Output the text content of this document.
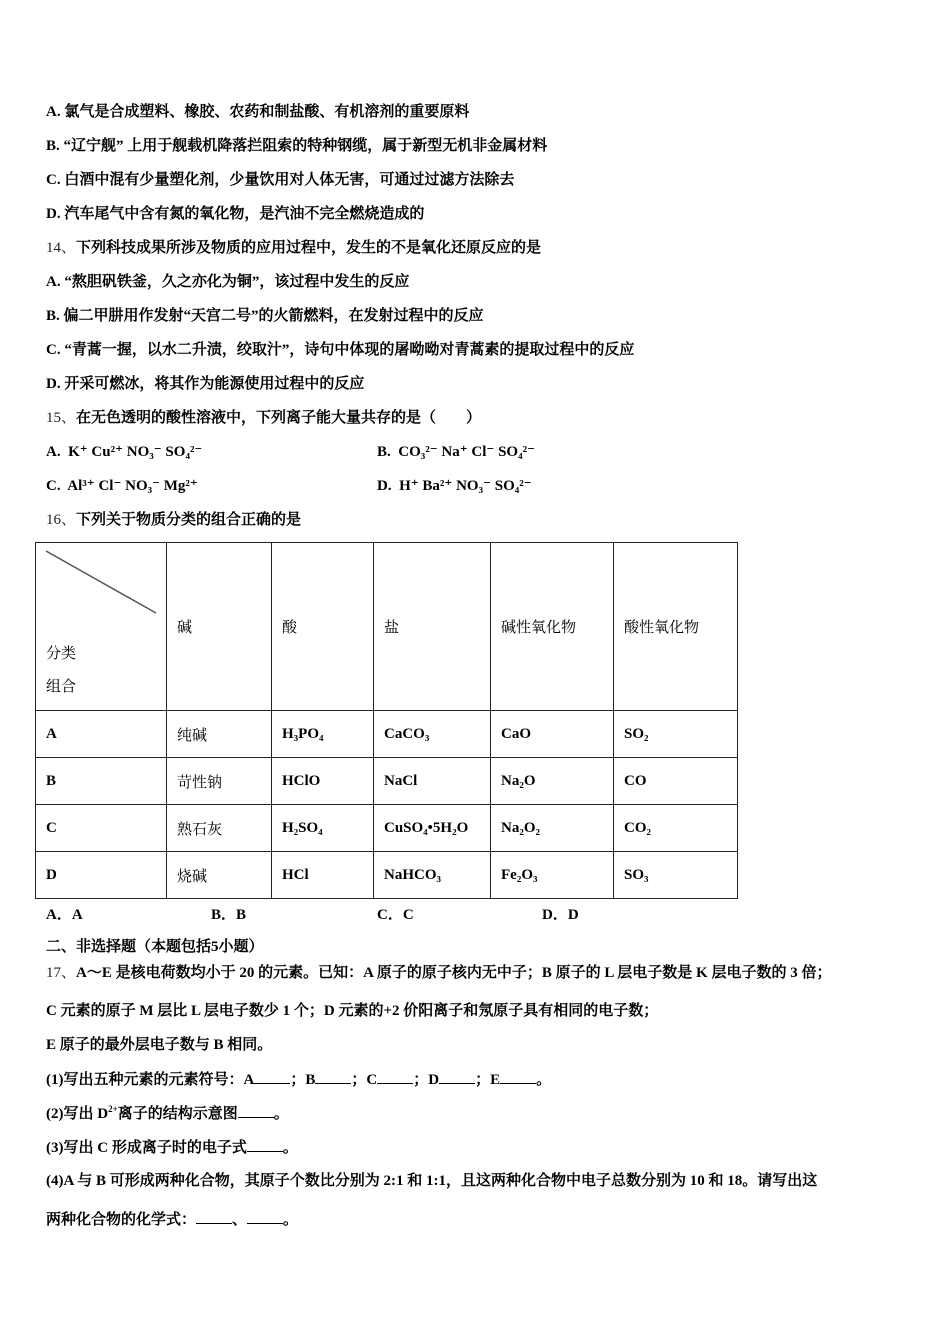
A. 氯气是合成塑料、橡胶、农药和制盐酸、有机溶剂的重要原料
B. “辽宁舰” 上用于舰载机降落拦阻索的特种钢缆，属于新型无机非金属材料
C. 白酒中混有少量塑化剂，少量饮用对人体无害，可通过过滤方法除去
D. 汽车尾气中含有氮的氧化物，是汽油不完全燃烧造成的
14、下列科技成果所涉及物质的应用过程中，发生的不是氧化还原反应的是
A. “熬胆矾铁釜，久之亦化为铜”，该过程中发生的反应
B. 偏二甲肼用作发射“天宫二号”的火箭燃料，在发射过程中的反应
C. “青蒿一握，以水二升渍，绞取汁”，诗句中体现的屠呦呦对青蒿素的提取过程中的反应
D. 开采可燃冰，将其作为能源使用过程中的反应
15、在无色透明的酸性溶液中，下列离子能大量共存的是（　　）
A. K⁺ Cu²⁺ NO₃⁻ SO₄²⁻	B. CO₃²⁻ Na⁺ Cl⁻ SO₄²⁻
C. Al³⁺ Cl⁻ NO₃⁻ Mg²⁺	D. H⁺ Ba²⁺ NO₃⁻ SO₄²⁻
16、下列关于物质分类的组合正确的是
分类
组合	碱	酸	盐	碱性氧化物	酸性氧化物
A	纯碱	H₃PO₄	CaCO₃	CaO	SO₂
B	苛性钠	HClO	NaCl	Na₂O	CO
C	熟石灰	H₂SO₄	CuSO₄•5H₂O	Na₂O₂	CO₂
D	烧碱	HCl	NaHCO₃	Fe₂O₃	SO₃
A．A	B．B	C．C	D．D
二、非选择题（本题包括5小题）
17、A～E 是核电荷数均小于 20 的元素。已知：A 原子的原子核内无中子；B 原子的 L 层电子数是 K 层电子数的 3 倍；
C 元素的原子 M 层比 L 层电子数少 1 个；D 元素的+2 价阳离子和氖原子具有相同的电子数；
E 原子的最外层电子数与 B 相同。
(1)写出五种元素的元素符号：A ；B ；C ；D ；E 。
(2)写出 $D^{2+}$离子的结构示意图 。
(3)写出 C 形成离子时的电子式 。
(4)A 与 B 可形成两种化合物，其原子个数比分别为 2:1 和 1:1，且这两种化合物中电子总数分别为 10 和 18。请写出这
两种化合物的化学式： 、 。
